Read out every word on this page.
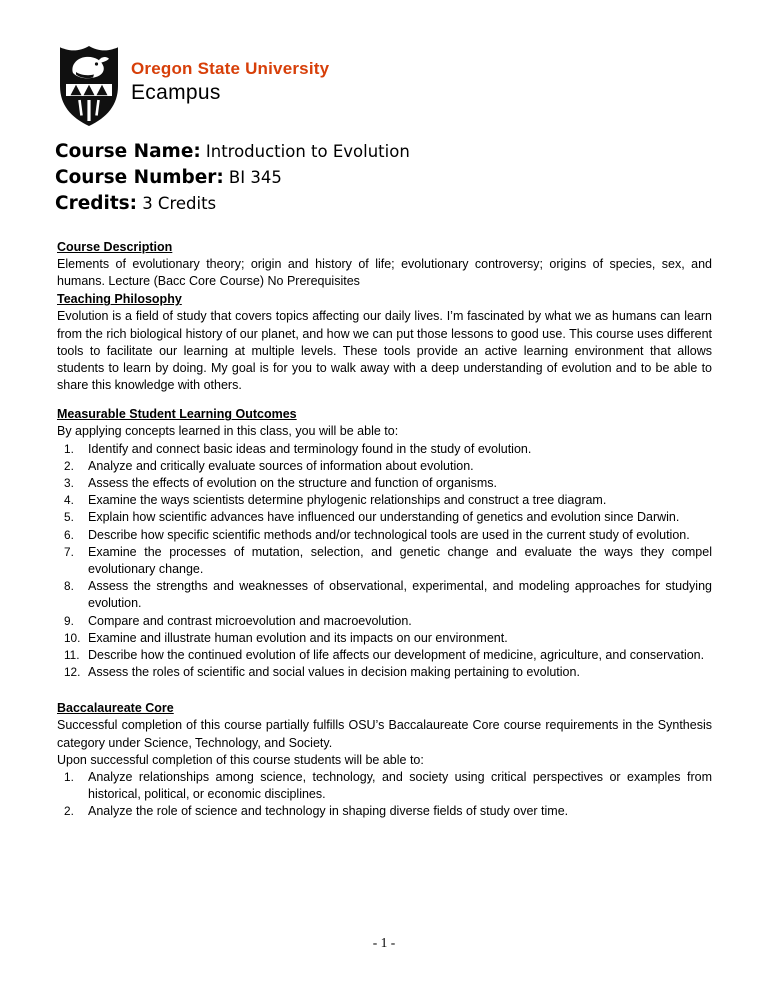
Oregon State University
Ecampus
Course Name: Introduction to Evolution
Course Number: BI 345
Credits: 3 Credits
Course Description
Elements of evolutionary theory; origin and history of life; evolutionary controversy; origins of species, sex, and humans. Lecture (Bacc Core Course) No Prerequisites
Teaching Philosophy
Evolution is a field of study that covers topics affecting our daily lives. I’m fascinated by what we as humans can learn from the rich biological history of our planet, and how we can put those lessons to good use. This course uses different tools to facilitate our learning at multiple levels. These tools provide an active learning environment that allows students to learn by doing. My goal is for you to walk away with a deep understanding of evolution and to be able to share this knowledge with others.
Measurable Student Learning Outcomes
By applying concepts learned in this class, you will be able to:
Identify and connect basic ideas and terminology found in the study of evolution.
Analyze and critically evaluate sources of information about evolution.
Assess the effects of evolution on the structure and function of organisms.
Examine the ways scientists determine phylogenic relationships and construct a tree diagram.
Explain how scientific advances have influenced our understanding of genetics and evolution since Darwin.
Describe how specific scientific methods and/or technological tools are used in the current study of evolution.
Examine the processes of mutation, selection, and genetic change and evaluate the ways they compel evolutionary change.
Assess the strengths and weaknesses of observational, experimental, and modeling approaches for studying evolution.
Compare and contrast microevolution and macroevolution.
Examine and illustrate human evolution and its impacts on our environment.
Describe how the continued evolution of life affects our development of medicine, agriculture, and conservation.
Assess the roles of scientific and social values in decision making pertaining to evolution.
Baccalaureate Core
Successful completion of this course partially fulfills OSU’s Baccalaureate Core course requirements in the Synthesis category under Science, Technology, and Society.
Upon successful completion of this course students will be able to:
Analyze relationships among science, technology, and society using critical perspectives or examples from historical, political, or economic disciplines.
Analyze the role of science and technology in shaping diverse fields of study over time.
- 1 -
